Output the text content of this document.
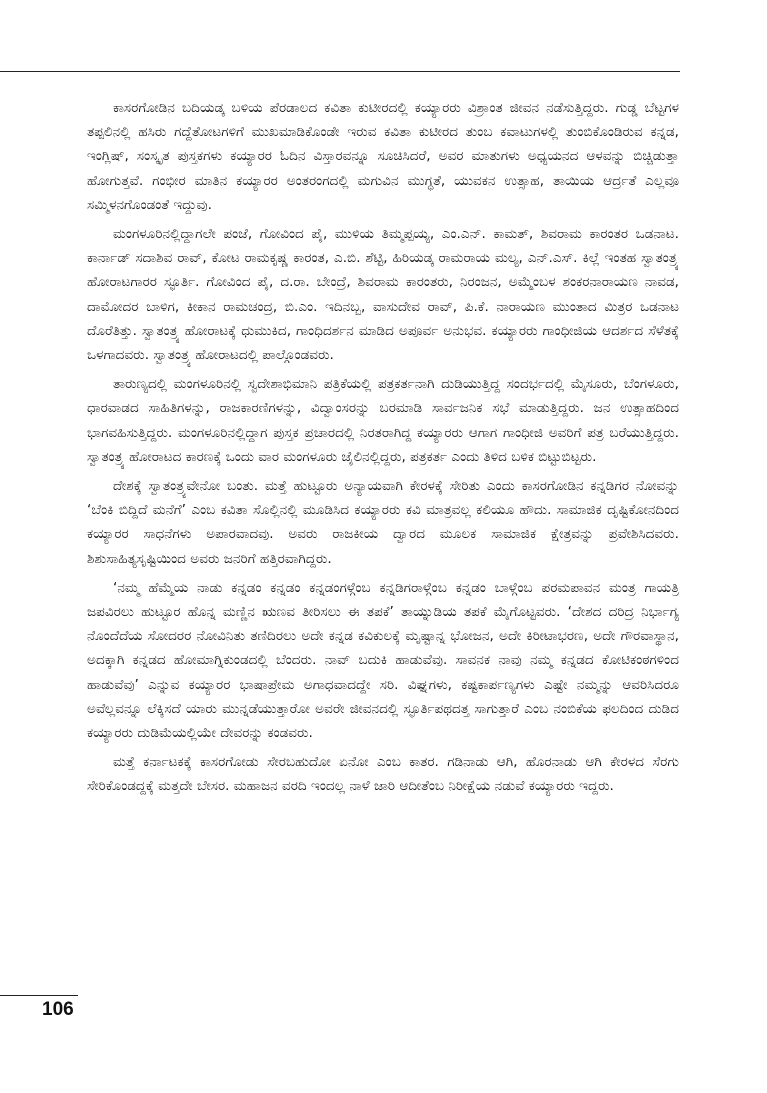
ಕಾಸರಗೋಡಿನ ಬದಿಯಡ್ಕ ಬಳಿಯ ಪೆರಡಾಲದ ಕವಿತಾ ಕುಟೀರದಲ್ಲಿ ಕಯ್ಯಾರರು ವಿಶ್ರಾಂತ ಜೀವನ ನಡೆಸುತ್ತಿದ್ದರು. ಗುಡ್ಡ ಬೆಟ್ಟಗಳ ತಪ್ಪಲಿನಲ್ಲಿ ಹಸಿರು ಗದ್ದೆತೋಟಗಳಿಗೆ ಮುಖಮಾಡಿಕೊಂಡೇ ಇರುವ ಕವಿತಾ ಕುಟೀರದ ತುಂಬ ಕವಾಟುಗಳಲ್ಲಿ ತುಂಬಿಕೊಂಡಿರುವ ಕನ್ನಡ, ಇಂಗ್ಲಿಷ್, ಸಂಸ್ಕೃತ ಪುಸ್ತಕಗಳು ಕಯ್ಯಾರರ ಓದಿನ ವಿಸ್ತಾರವನ್ನೂ ಸೂಚಿಸಿದರೆ, ಅವರ ಮಾತುಗಳು ಅಧ್ಯಯನದ ಆಳವನ್ನು ಬಿಚ್ಚಿಡುತ್ತಾ ಹೋಗುತ್ತವೆ. ಗಂಭೀರ ಮಾತಿನ ಕಯ್ಯಾರರ ಅಂತರಂಗದಲ್ಲಿ ಮಗುವಿನ ಮುಗ್ಧತೆ, ಯುವಕನ ಉತ್ಸಾಹ, ತಾಯಿಯ ಆರ್ದ್ರತೆ ಎಲ್ಲವೂ ಸಮ್ಮಿಳನಗೊಂಡಂತೆ ಇದ್ದುವು.

ಮಂಗಳೂರಿನಲ್ಲಿದ್ದಾಗಲೇ ಪಂಜೆ, ಗೋವಿಂದ ಪೈ, ಮುಳಿಯ ತಿಮ್ಮಪ್ಪಯ್ಯ, ಎಂ.ಎನ್. ಕಾಮತ್, ಶಿವರಾಮ ಕಾರಂತರ ಒಡನಾಟ. ಕಾರ್ನಾಡ್ ಸದಾಶಿವ ರಾವ್, ಕೋಟ ರಾಮಕೃಷ್ಣ ಕಾರಂತ, ಎ.ಬಿ. ಶೆಟ್ಟಿ, ಹಿರಿಯಡ್ಕ ರಾಮರಾಯ ಮಲ್ಯ, ಎನ್.ಎಸ್. ಕಿಲ್ಲೆ ಇಂತಹ ಸ್ವಾತಂತ್ರ್ಯ ಹೋರಾಟಗಾರರ ಸ್ಫೂರ್ತಿ. ಗೋವಿಂದ ಪೈ, ದ.ರಾ. ಬೇಂದ್ರೆ, ಶಿವರಾಮ ಕಾರಂತರು, ನಿರಂಜನ, ಅಮ್ಮೆಂಬಳ ಶಂಕರನಾರಾಯಣ ನಾವಡ, ದಾಮೋದರ ಬಾಳಿಗ, ಕೀಕಾನ ರಾಮಚಂದ್ರ, ಬಿ.ಎಂ. ಇದಿನಬ್ಬ, ವಾಸುದೇವ ರಾವ್, ಪಿ.ಕೆ. ನಾರಾಯಣ ಮುಂತಾದ ಮಿತ್ರರ ಒಡನಾಟ ದೊರೆತಿತ್ತು. ಸ್ವಾತಂತ್ರ್ಯ ಹೋರಾಟಕ್ಕೆ ಧುಮುಕಿದ, ಗಾಂಧಿದರ್ಶನ ಮಾಡಿದ ಅಪೂರ್ವ ಅನುಭವ. ಕಯ್ಯಾರರು ಗಾಂಧೀಜಿಯ ಆದರ್ಶದ ಸೆಳೆತಕ್ಕೆ ಒಳಗಾದವರು. ಸ್ವಾತಂತ್ರ್ಯ ಹೋರಾಟದಲ್ಲಿ ಪಾಲ್ಗೊಂಡವರು.

ತಾರುಣ್ಯದಲ್ಲಿ ಮಂಗಳೂರಿನಲ್ಲಿ ಸ್ವದೇಶಾಭಿಮಾನಿ ಪತ್ರಿಕೆಯಲ್ಲಿ ಪತ್ರಕರ್ತನಾಗಿ ದುಡಿಯುತ್ತಿದ್ದ ಸಂದರ್ಭದಲ್ಲಿ ಮೈಸೂರು, ಬೆಂಗಳೂರು, ಧಾರವಾಡದ ಸಾಹಿತಿಗಳನ್ನು, ರಾಜಕಾರಣಿಗಳನ್ನು, ವಿದ್ವಾಂಸರನ್ನು ಬರಮಾಡಿ ಸಾರ್ವಜನಿಕ ಸಭೆ ಮಾಡುತ್ತಿದ್ದರು. ಜನ ಉತ್ಸಾಹದಿಂದ ಭಾಗವಹಿಸುತ್ತಿದ್ದರು. ಮಂಗಳೂರಿನಲ್ಲಿದ್ದಾಗ ಪುಸ್ತಕ ಪ್ರಚಾರದಲ್ಲಿ ನಿರತರಾಗಿದ್ದ ಕಯ್ಯಾರರು ಆಗಾಗ ಗಾಂಧೀಜಿ ಅವರಿಗೆ ಪತ್ರ ಬರೆಯುತ್ತಿದ್ದರು. ಸ್ವಾತಂತ್ರ್ಯ ಹೋರಾಟದ ಕಾರಣಕ್ಕೆ ಒಂದು ವಾರ ಮಂಗಳೂರು ಜೈಲಿನಲ್ಲಿದ್ದರು, ಪತ್ರಕರ್ತ ಎಂದು ತಿಳಿದ ಬಳಿಕ ಬಿಟ್ಟುಬಿಟ್ಟರು.

ದೇಶಕ್ಕೆ ಸ್ವಾತಂತ್ರ್ಯವೇನೋ ಬಂತು. ಮತ್ತೆ ಹುಟ್ಟೂರು ಅನ್ಯಾಯವಾಗಿ ಕೇರಳಕ್ಕೆ ಸೇರಿತು ಎಂದು ಕಾಸರಗೋಡಿನ ಕನ್ನಡಿಗರ ನೋವನ್ನು ‘ಬೆಂಕಿ ಬಿದ್ದಿದೆ ಮನೆಗೆ’ ಎಂಬ ಕವಿತಾ ಸೊಲ್ಲಿನಲ್ಲಿ ಮೂಡಿಸಿದ ಕಯ್ಯಾರರು ಕವಿ ಮಾತ್ರವಲ್ಲ ಕಲಿಯೂ ಹೌದು. ಸಾಮಾಜಿಕ ದೃಷ್ಟಿಕೋನದಿಂದ ಕಯ್ಯಾರರ ಸಾಧನೆಗಳು ಅಪಾರವಾದವು. ಅವರು ರಾಜಕೀಯ ದ್ವಾರದ ಮೂಲಕ ಸಾಮಾಜಿಕ ಕ್ಷೇತ್ರವನ್ನು ಪ್ರವೇಶಿಸಿದವರು. ಶಿಶುಸಾಹಿತ್ಯಸೃಷ್ಟಿಯಿಂದ ಅವರು ಜನರಿಗೆ ಹತ್ತಿರವಾಗಿದ್ದರು.

‘ನಮ್ಮ ಹೆಮ್ಮೆಯ ನಾಡು ಕನ್ನಡಂ ಕನ್ನಡಂ ಕನ್ನಡಂಗಳ್ಗೆಂಬ ಕನ್ನಡಿಗರಾಳ್ಗೆಂಬ ಕನ್ನಡಂ ಬಾಳ್ಗೆಂಬ ಪರಮಪಾವನ ಮಂತ್ರ ಗಾಯತ್ರಿ ಜಪವಿರಲು ಹುಟ್ಟೂರ ಹೊನ್ನ ಮಣ್ಣಿನ ಋಣವ ತೀರಿಸಲು ಈ ತಪಕೆ’ ತಾಯ್ನುಡಿಯ ತಪಕೆ ಮೈಗೊಟ್ಟವರು. ‘ದೇಶದ ದರಿದ್ರ ನಿರ್ಭಾಗ್ಯ ನೊಂದೆದೆಯ ಸೋದರರ ನೋವಿನಿತು ತಣಿದಿರಲು ಅದೇ ಕನ್ನಡ ಕವಿಕುಲಕ್ಕೆ ಮೃಷ್ಟಾನ್ನ ಭೋಜನ, ಅದೇ ಕಿರೀಟಾಭರಣ, ಅದೇ ಗೌರವಾಸ್ಥಾನ, ಅದಕ್ಕಾಗಿ ಕನ್ನಡದ ಹೋಮಾಗ್ನಿಕುಂಡದಲ್ಲಿ ಬೆಂದರು. ನಾವ್ ಬದುಕಿ ಹಾಡುವೆವು. ಸಾವನಕ ನಾವು ನಮ್ಮ ಕನ್ನಡದ ಕೋಟಿಕಂಠಗಳಿಂದ ಹಾಡುವೆವು’ ಎನ್ನುವ ಕಯ್ಯಾರರ ಭಾಷಾಪ್ರೇಮ ಅಗಾಧವಾದದ್ದೇ ಸರಿ. ವಿಘ್ನಗಳು, ಕಷ್ಟಕಾರ್ಪಣ್ಯಗಳು ಎಷ್ಟೇ ನಮ್ಮನ್ನು ಆವರಿಸಿದರೂ ಅವೆಲ್ಲವನ್ನೂ ಲೆಕ್ಕಿಸದೆ ಯಾರು ಮುನ್ನಡೆಯುತ್ತಾರೋ ಅವರೇ ಜೀವನದಲ್ಲಿ ಸ್ಫೂರ್ತಿಪಥದತ್ತ ಸಾಗುತ್ತಾರೆ ಎಂಬ ನಂಬಿಕೆಯ ಫಲದಿಂದ ದುಡಿದ ಕಯ್ಯಾರರು ದುಡಿಮೆಯಲ್ಲಿಯೇ ದೇವರನ್ನು ಕಂಡವರು.

ಮತ್ತೆ ಕರ್ನಾಟಕಕ್ಕೆ ಕಾಸರಗೋಡು ಸೇರಬಹುದೋ ಏನೋ ಎಂಬ ಕಾತರ. ಗಡಿನಾಡು ಆಗಿ, ಹೊರನಾಡು ಆಗಿ ಕೇರಳದ ಸೆರಗು ಸೇರಿಕೊಂಡದ್ದಕ್ಕೆ ಮತ್ತದೇ ಬೇಸರ. ಮಹಾಜನ ವರದಿ ಇಂದಲ್ಲ ನಾಳೆ ಜಾರಿ ಆದೀತೆಂಬ ನಿರೀಕ್ಷೆಯ ನಡುವೆ ಕಯ್ಯಾರರು ಇದ್ದರು.

106
